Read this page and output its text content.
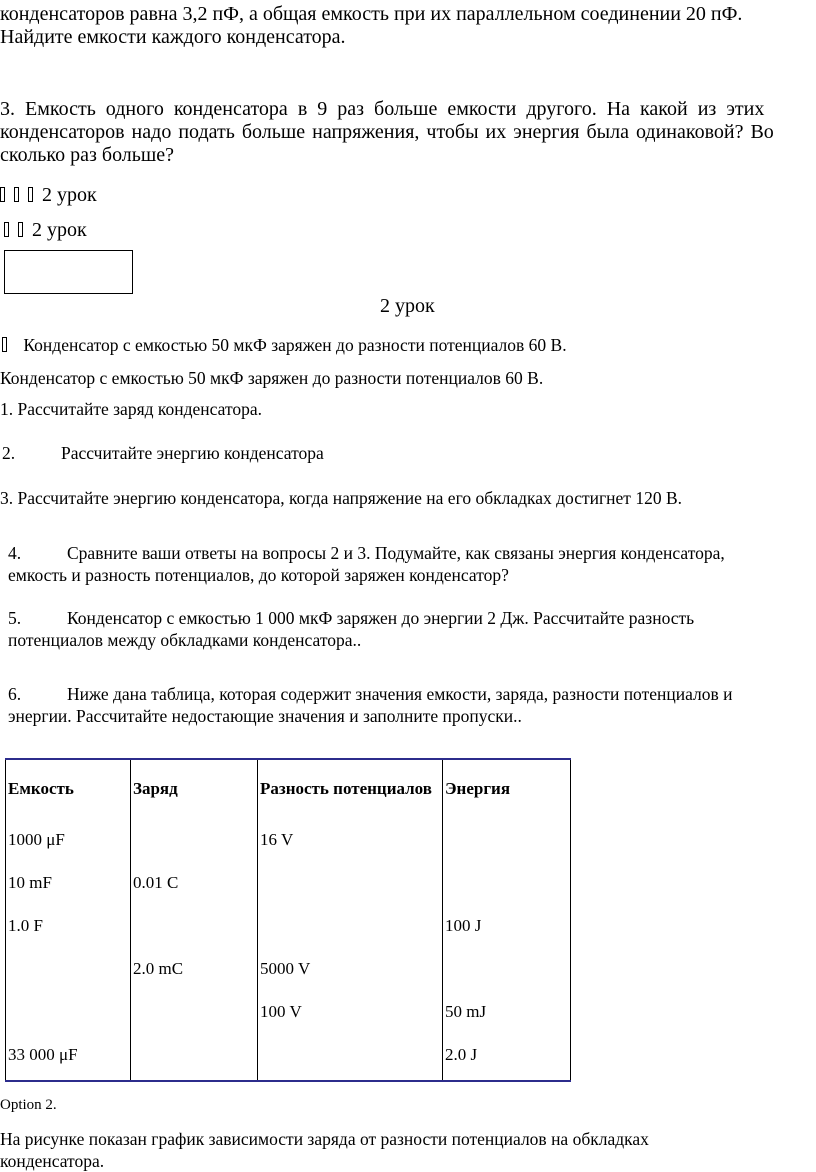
конденсаторов равна 3,2 пФ, а общая емкость при их параллельном соединении 20 пФ.
Найдите емкости каждого конденсатора.
3. Емкость одного конденсатора в 9 раз больше емкости другого. На какой из этих
конденсаторов надо подать больше напряжения, чтобы их энергия была одинаковой? Во
сколько раз больше?
2 урок
2 урок
2 урок
Конденсатор с емкостью 50 мкФ заряжен до разности потенциалов 60 В.
Конденсатор с емкостью 50 мкФ заряжен до разности потенциалов 60 В.
1. Рассчитайте заряд конденсатора.
2.	Рассчитайте энергию конденсатора
3. Рассчитайте энергию конденсатора, когда напряжение на его обкладках достигнет 120 В.
4.	Сравните ваши ответы на вопросы 2 и 3. Подумайте, как связаны энергия конденсатора,
емкость и разность потенциалов, до которой заряжен конденсатор?
5.	Конденсатор с емкостью 1 000 мкФ заряжен до энергии 2 Дж. Рассчитайте разность
потенциалов между обкладками конденсатора..
6.	Ниже дана таблица, которая содержит значения емкости, заряда, разности потенциалов и
энергии. Рассчитайте недостающие значения и заполните пропуски..
Емкость	Заряд	Разность потенциалов	Энергия
1000 μF		16 V	
10 mF	0.01 C		
1.0 F			100 J
	2.0 mC	5000 V	
		100 V	50 mJ
33 000 μF			2.0 J
Option 2.
На рисунке показан график зависимости заряда от разности потенциалов на обкладках
конденсатора.
